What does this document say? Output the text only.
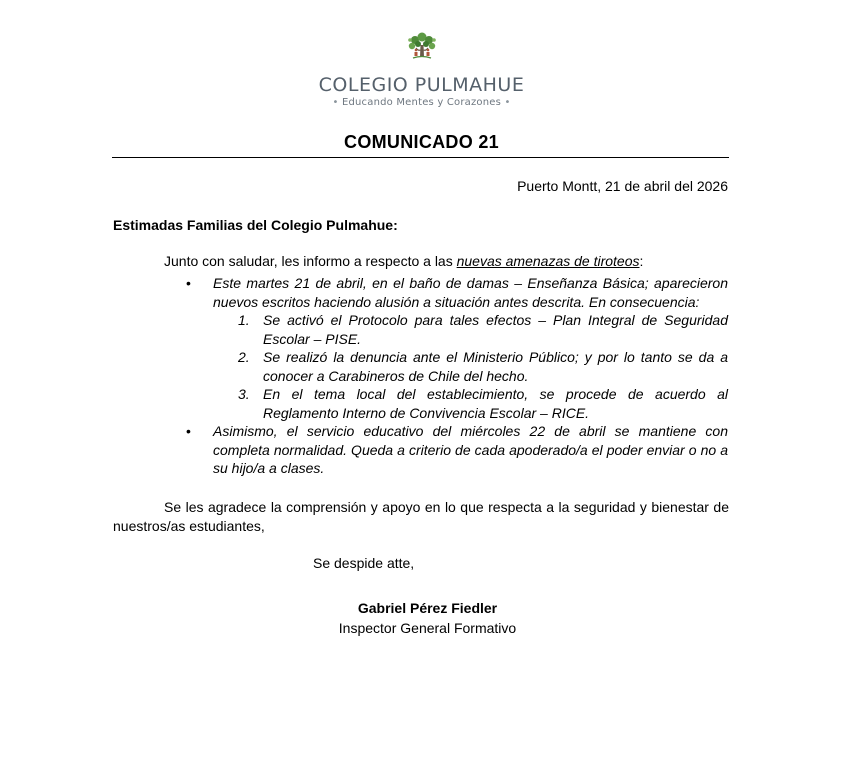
COLEGIO PULMAHUE
• Educando Mentes y Corazones •
COMUNICADO 21
Puerto Montt, 21 de abril del 2026
Estimadas Familias del Colegio Pulmahue:
Junto con saludar, les informo a respecto a las nuevas amenazas de tiroteos:
• Este martes 21 de abril, en el baño de damas – Enseñanza Básica; aparecieron nuevos escritos haciendo alusión a situación antes descrita. En consecuencia:
1. Se activó el Protocolo para tales efectos – Plan Integral de Seguridad Escolar – PISE.
2. Se realizó la denuncia ante el Ministerio Público; y por lo tanto se da a conocer a Carabineros de Chile del hecho.
3. En el tema local del establecimiento, se procede de acuerdo al Reglamento Interno de Convivencia Escolar – RICE.
• Asimismo, el servicio educativo del miércoles 22 de abril se mantiene con completa normalidad. Queda a criterio de cada apoderado/a el poder enviar o no a su hijo/a a clases.
Se les agradece la comprensión y apoyo en lo que respecta a la seguridad y bienestar de nuestros/as estudiantes,
Se despide atte,
Gabriel Pérez Fiedler
Inspector General Formativo
